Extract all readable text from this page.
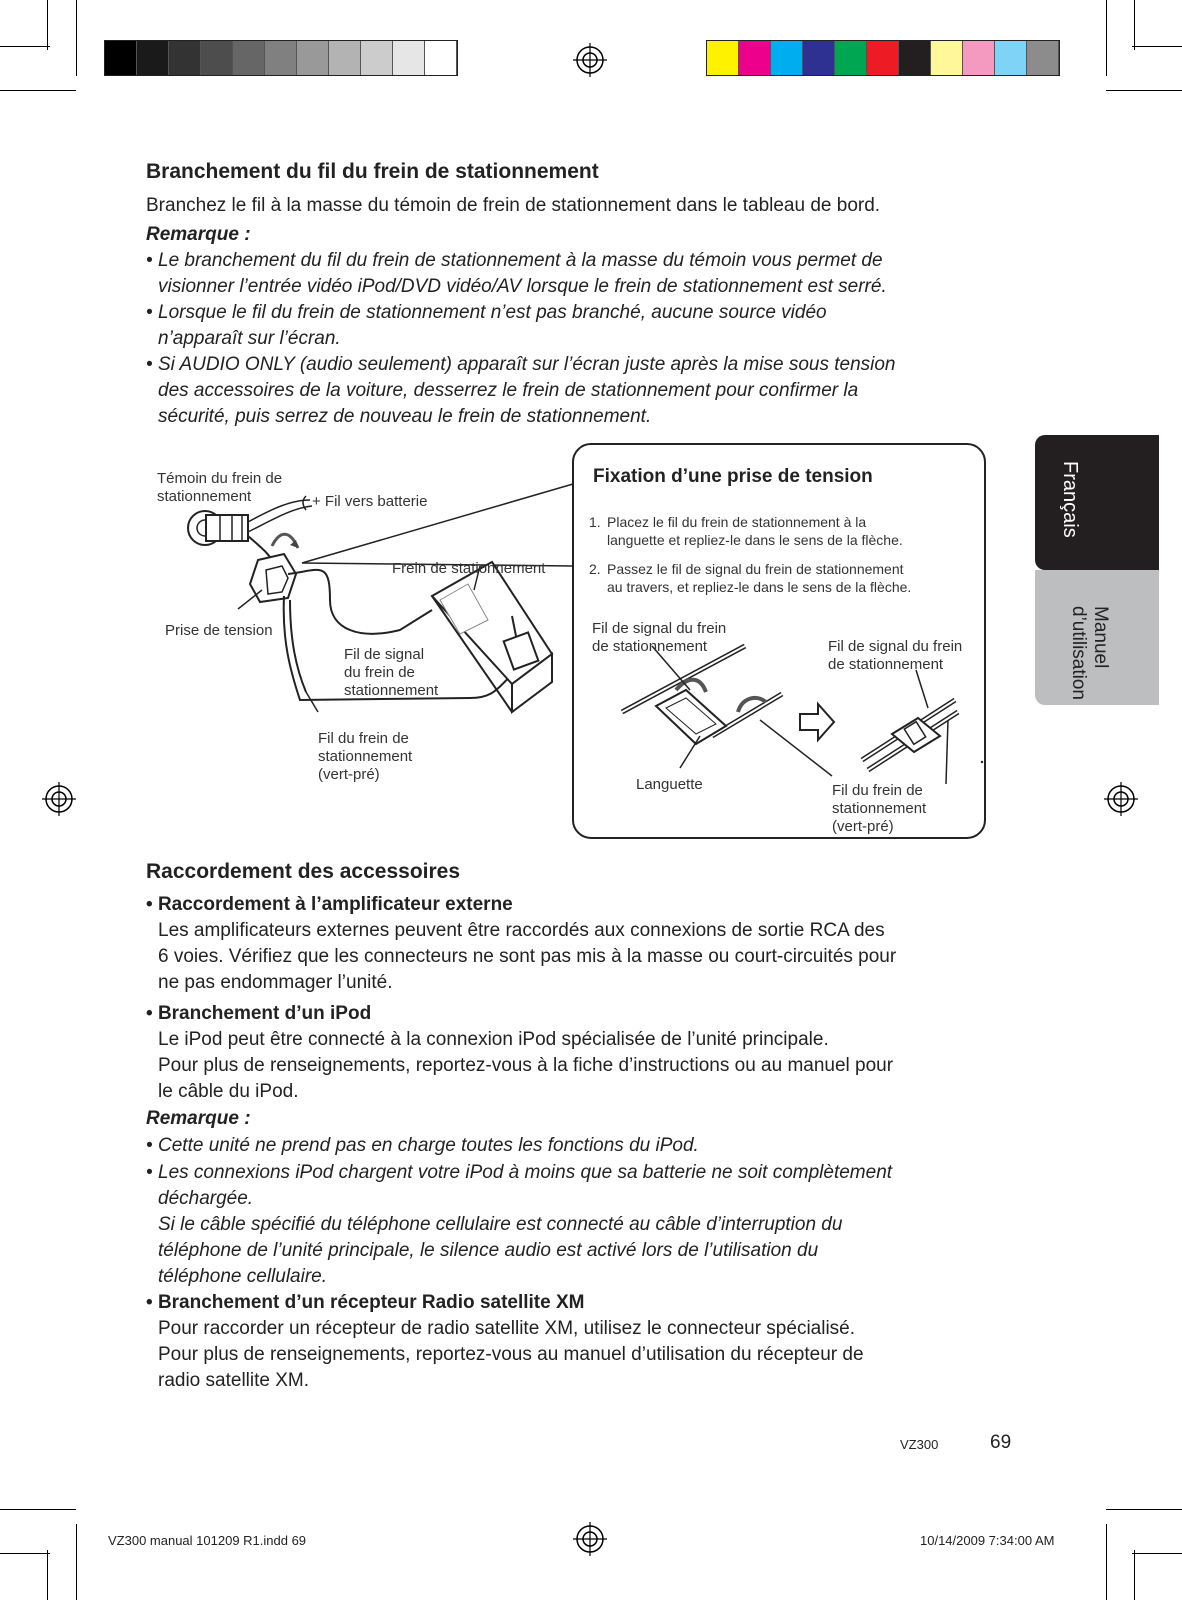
Français
Manuel
d’utilisation
Branchement du fil du frein de stationnement
Branchez le fil à la masse du témoin de frein de stationnement dans le tableau de bord.
Remarque :
• Le branchement du fil du frein de stationnement à la masse du témoin vous permet de
visionner l’entrée vidéo iPod/DVD vidéo/AV lorsque le frein de stationnement est serré.
• Lorsque le fil du frein de stationnement n’est pas branché, aucune source vidéo
n’apparaît sur l’écran.
• Si AUDIO ONLY (audio seulement) apparaît sur l’écran juste après la mise sous tension
des accessoires de la voiture, desserrez le frein de stationnement pour confirmer la
sécurité, puis serrez de nouveau le frein de stationnement.
Témoin du frein de
stationnement	+ Fil vers batterie
Frein de stationnement
Prise de tension
Fil de signal
du frein de
stationnement
Fil du frein de
stationnement
(vert-pré)
Fixation d’une prise de tension
1. Placez le fil du frein de stationnement à la
languette et repliez-le dans le sens de la flèche.
2. Passez le fil de signal du frein de stationnement
au travers, et repliez-le dans le sens de la flèche.
Fil de signal du frein
de stationnement	Fil de signal du frein
de stationnement
Languette	Fil du frein de
stationnement
(vert-pré)
Raccordement des accessoires
• Raccordement à l’amplificateur externe
Les amplificateurs externes peuvent être raccordés aux connexions de sortie RCA des
6 voies. Vérifiez que les connecteurs ne sont pas mis à la masse ou court-circuités pour
ne pas endommager l’unité.
• Branchement d’un iPod
Le iPod peut être connecté à la connexion iPod spécialisée de l’unité principale.
Pour plus de renseignements, reportez-vous à la fiche d’instructions ou au manuel pour
le câble du iPod.
Remarque :
• Cette unité ne prend pas en charge toutes les fonctions du iPod.
• Les connexions iPod chargent votre iPod à moins que sa batterie ne soit complètement
déchargée.
Si le câble spécifié du téléphone cellulaire est connecté au câble d’interruption du
téléphone de l’unité principale, le silence audio est activé lors de l’utilisation du
téléphone cellulaire.
• Branchement d’un récepteur Radio satellite XM
Pour raccorder un récepteur de radio satellite XM, utilisez le connecteur spécialisé.
Pour plus de renseignements, reportez-vous au manuel d’utilisation du récepteur de
radio satellite XM.
VZ300	69
VZ300 manual 101209 R1.indd 69	10/14/2009 7:34:00 AM
